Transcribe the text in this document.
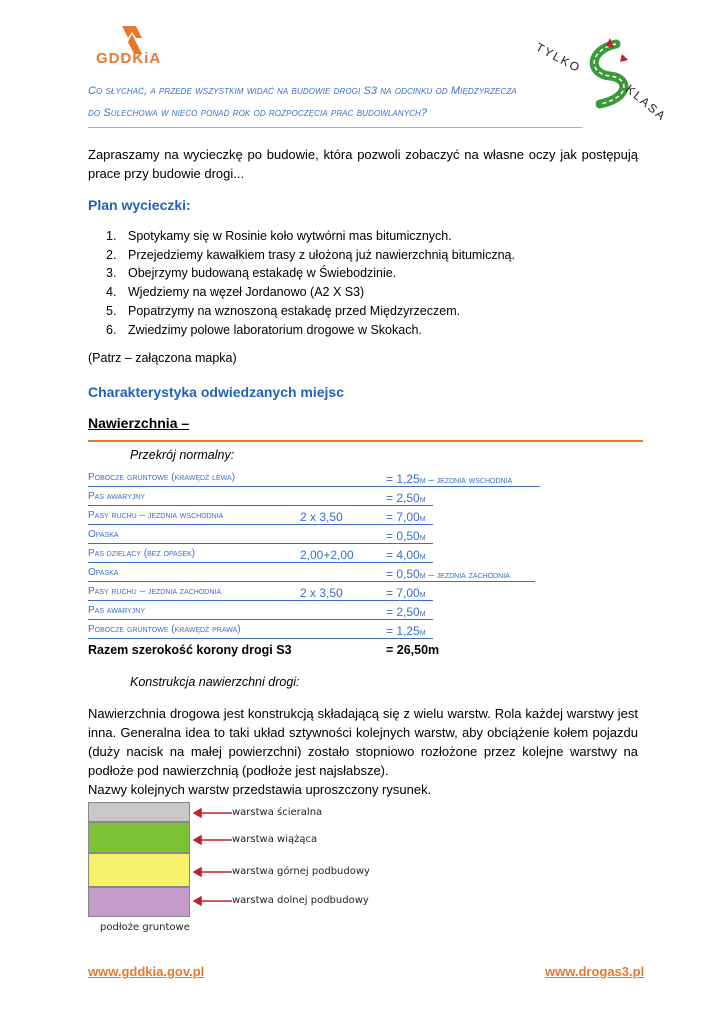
GDDKiA	TYLKO
KLASA
Co słychać, a przede wszystkim widać na budowie drogi S3 na odcinku od Międzyrzecza
do Sulechowa w nieco ponad rok od rozpoczęcia prac budowlanych?
Zapraszamy na wycieczkę po budowie, która pozwoli zobaczyć na własne oczy jak postępują prace przy budowie drogi...
Plan wycieczki:
1. Spotykamy się w Rosinie koło wytwórni mas bitumicznych.
2. Przejedziemy kawałkiem trasy z ułożoną już nawierzchnią bitumiczną.
3. Obejrzymy budowaną estakadę w Świebodzinie.
4. Wjedziemy na węzeł Jordanowo (A2 X S3)
5. Popatrzymy na wznoszoną estakadę przed Międzyrzeczem.
6. Zwiedzimy polowe laboratorium drogowe w Skokach.
(Patrz – załączona mapka)
Charakterystyka odwiedzanych miejsc
Nawierzchnia –
Przekrój normalny:
Pobocze gruntowe (krawędź lewa)	= 1,25m – jezdnia wschodnia
Pas awaryjny	= 2,50m
Pasy ruchu – jezdnia wschodnia	2 x 3,50	= 7,00m
Opaska	= 0,50m
Pas dzielący (bez opasek)	2,00+2,00	= 4,00m
Opaska	= 0,50m – jezdnia zachodnia
Pasy ruchu – jezdnia zachodnia	2 x 3,50	= 7,00m
Pas awaryjny	= 2,50m
Pobocze gruntowe (krawędź prawa)	= 1,25m
Razem szerokość korony drogi S3	= 26,50m
Konstrukcja nawierzchni drogi:
Nawierzchnia drogowa jest konstrukcją składającą się z wielu warstw. Rola każdej warstwy jest inna. Generalna idea to taki układ sztywności kolejnych warstw, aby obciążenie kołem pojazdu (duży nacisk na małej powierzchni) zostało stopniowo rozłożone przez kolejne warstwy na podłoże pod nawierzchnią (podłoże jest najsłabsze).
Nazwy kolejnych warstw przedstawia uproszczony rysunek.
warstwa ścieralna
warstwa wiążąca
warstwa górnej podbudowy
warstwa dolnej podbudowy
podłoże gruntowe
www.gddkia.gov.pl	www.drogas3.pl
